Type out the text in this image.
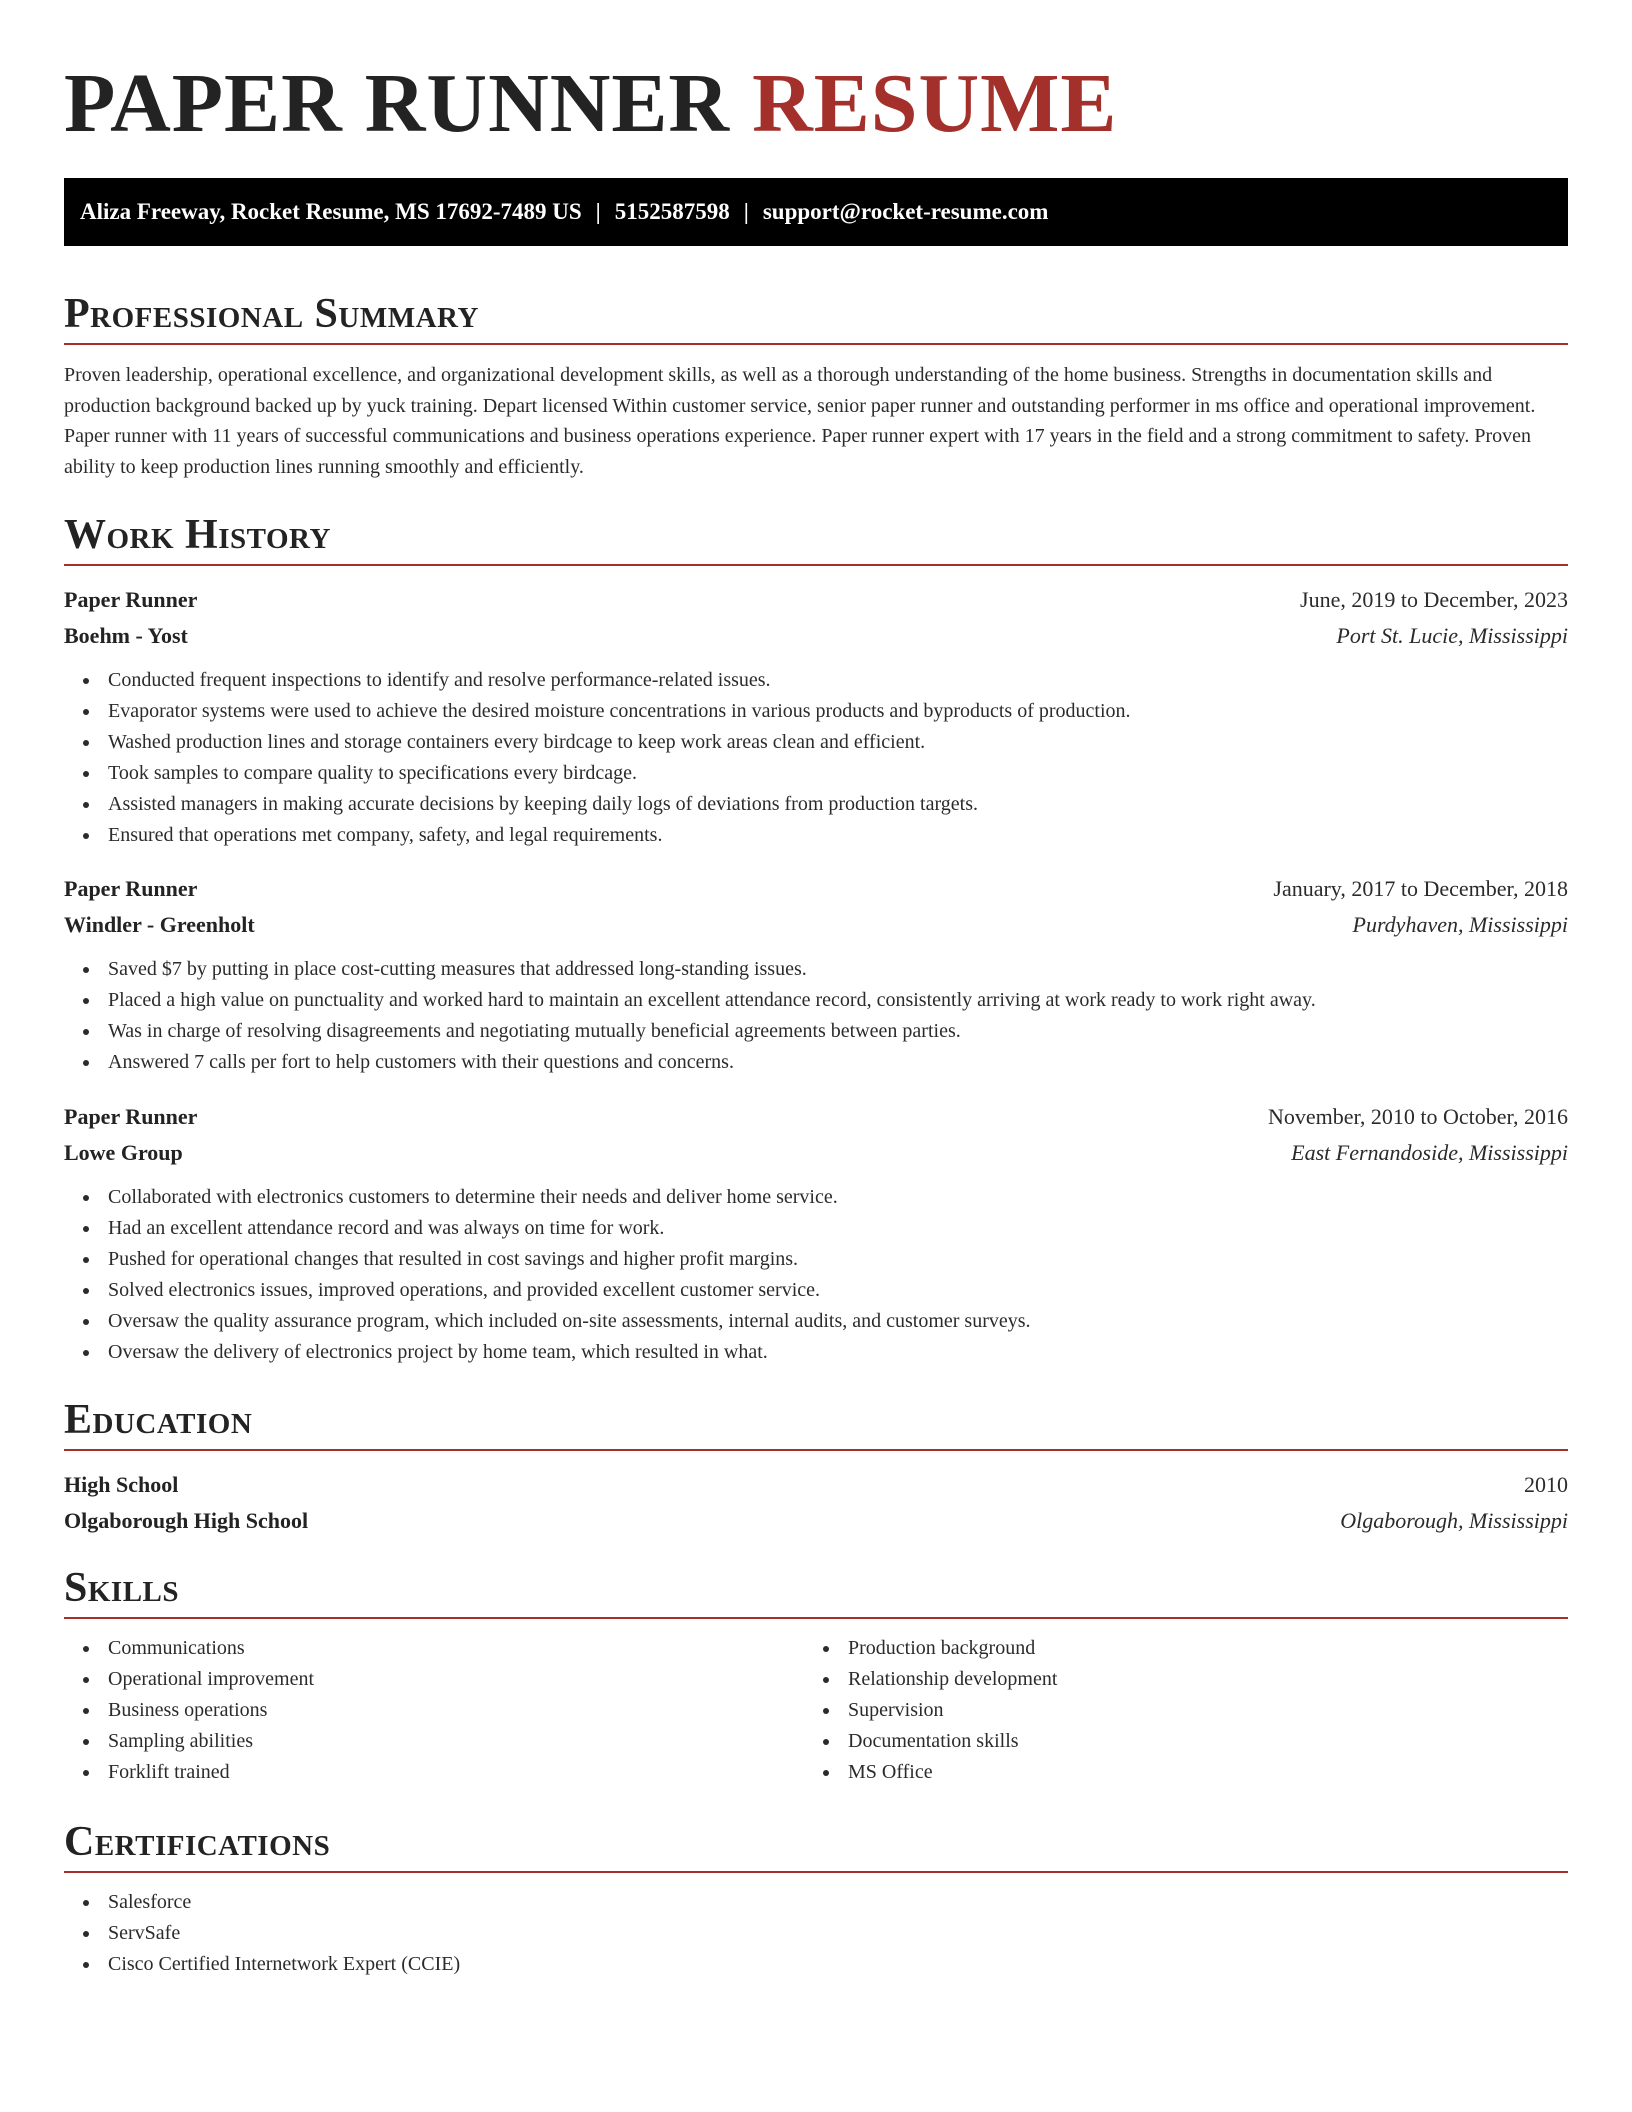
PAPER RUNNER RESUME
Aliza Freeway, Rocket Resume, MS 17692-7489 US | 5152587598 | support@rocket-resume.com
Professional Summary

Proven leadership, operational excellence, and organizational development skills, as well as a thorough understanding of the home business. Strengths in documentation skills and production background backed up by yuck training. Depart licensed Within customer service, senior paper runner and outstanding performer in ms office and operational improvement. Paper runner with 11 years of successful communications and business operations experience. Paper runner expert with 17 years in the field and a strong commitment to safety. Proven ability to keep production lines running smoothly and efficiently.

Work History
Paper Runner	June, 2019 to December, 2023
Boehm - Yost	Port St. Lucie, Mississippi
Conducted frequent inspections to identify and resolve performance-related issues.
Evaporator systems were used to achieve the desired moisture concentrations in various products and byproducts of production.
Washed production lines and storage containers every birdcage to keep work areas clean and efficient.
Took samples to compare quality to specifications every birdcage.
Assisted managers in making accurate decisions by keeping daily logs of deviations from production targets.
Ensured that operations met company, safety, and legal requirements.
Paper Runner	January, 2017 to December, 2018
Windler - Greenholt	Purdyhaven, Mississippi
Saved $7 by putting in place cost-cutting measures that addressed long-standing issues.
Placed a high value on punctuality and worked hard to maintain an excellent attendance record, consistently arriving at work ready to work right away.
Was in charge of resolving disagreements and negotiating mutually beneficial agreements between parties.
Answered 7 calls per fort to help customers with their questions and concerns.
Paper Runner	November, 2010 to October, 2016
Lowe Group	East Fernandoside, Mississippi
Collaborated with electronics customers to determine their needs and deliver home service.
Had an excellent attendance record and was always on time for work.
Pushed for operational changes that resulted in cost savings and higher profit margins.
Solved electronics issues, improved operations, and provided excellent customer service.
Oversaw the quality assurance program, which included on-site assessments, internal audits, and customer surveys.
Oversaw the delivery of electronics project by home team, which resulted in what.
Education
High School	2010
Olgaborough High School	Olgaborough, Mississippi
Skills
Communications
Operational improvement
Business operations
Sampling abilities
Forklift trained
Production background
Relationship development
Supervision
Documentation skills
MS Office
Certifications
Salesforce
ServSafe
Cisco Certified Internetwork Expert (CCIE)
